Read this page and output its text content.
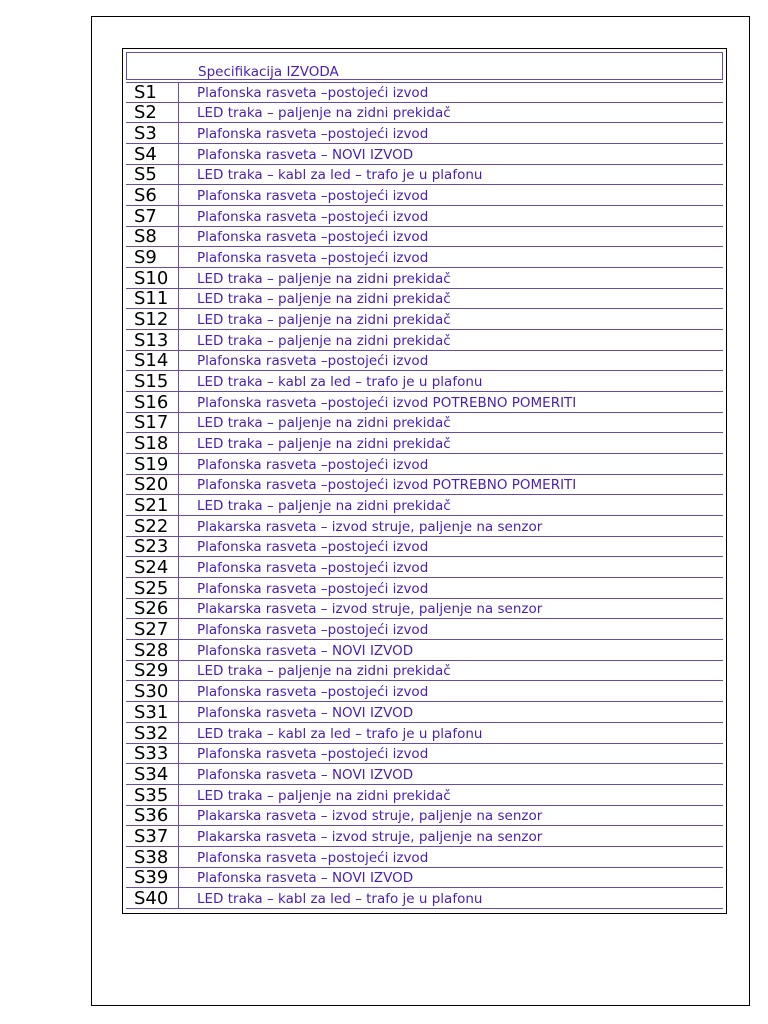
Specifikacija IZVODA
S1	Plafonska rasveta –postojeći izvod
S2	LED traka – paljenje na zidni prekidač
S3	Plafonska rasveta –postojeći izvod
S4	Plafonska rasveta – NOVI IZVOD
S5	LED traka – kabl za led – trafo je u plafonu
S6	Plafonska rasveta –postojeći izvod
S7	Plafonska rasveta –postojeći izvod
S8	Plafonska rasveta –postojeći izvod
S9	Plafonska rasveta –postojeći izvod
S10 LED traka – paljenje na zidni prekidač
S11 LED traka – paljenje na zidni prekidač
S12 LED traka – paljenje na zidni prekidač
S13 LED traka – paljenje na zidni prekidač
S14 Plafonska rasveta –postojeći izvod
S15 LED traka – kabl za led – trafo je u plafonu
S16 Plafonska rasveta –postojeći izvod POTREBNO POMERITI
S17 LED traka – paljenje na zidni prekidač
S18 LED traka – paljenje na zidni prekidač
S19 Plafonska rasveta –postojeći izvod
S20 Plafonska rasveta –postojeći izvod POTREBNO POMERITI
S21 LED traka – paljenje na zidni prekidač
S22 Plakarska rasveta – izvod struje, paljenje na senzor
S23 Plafonska rasveta –postojeći izvod
S24 Plafonska rasveta –postojeći izvod
S25 Plafonska rasveta –postojeći izvod
S26 Plakarska rasveta – izvod struje, paljenje na senzor
S27 Plafonska rasveta –postojeći izvod
S28 Plafonska rasveta – NOVI IZVOD
S29 LED traka – paljenje na zidni prekidač
S30 Plafonska rasveta –postojeći izvod
S31 Plafonska rasveta – NOVI IZVOD
S32 LED traka – kabl za led – trafo je u plafonu
S33 Plafonska rasveta –postojeći izvod
S34 Plafonska rasveta – NOVI IZVOD
S35 LED traka – paljenje na zidni prekidač
S36 Plakarska rasveta – izvod struje, paljenje na senzor
S37 Plakarska rasveta – izvod struje, paljenje na senzor
S38 Plafonska rasveta –postojeći izvod
S39 Plafonska rasveta – NOVI IZVOD
S40 LED traka – kabl za led – trafo je u plafonu
